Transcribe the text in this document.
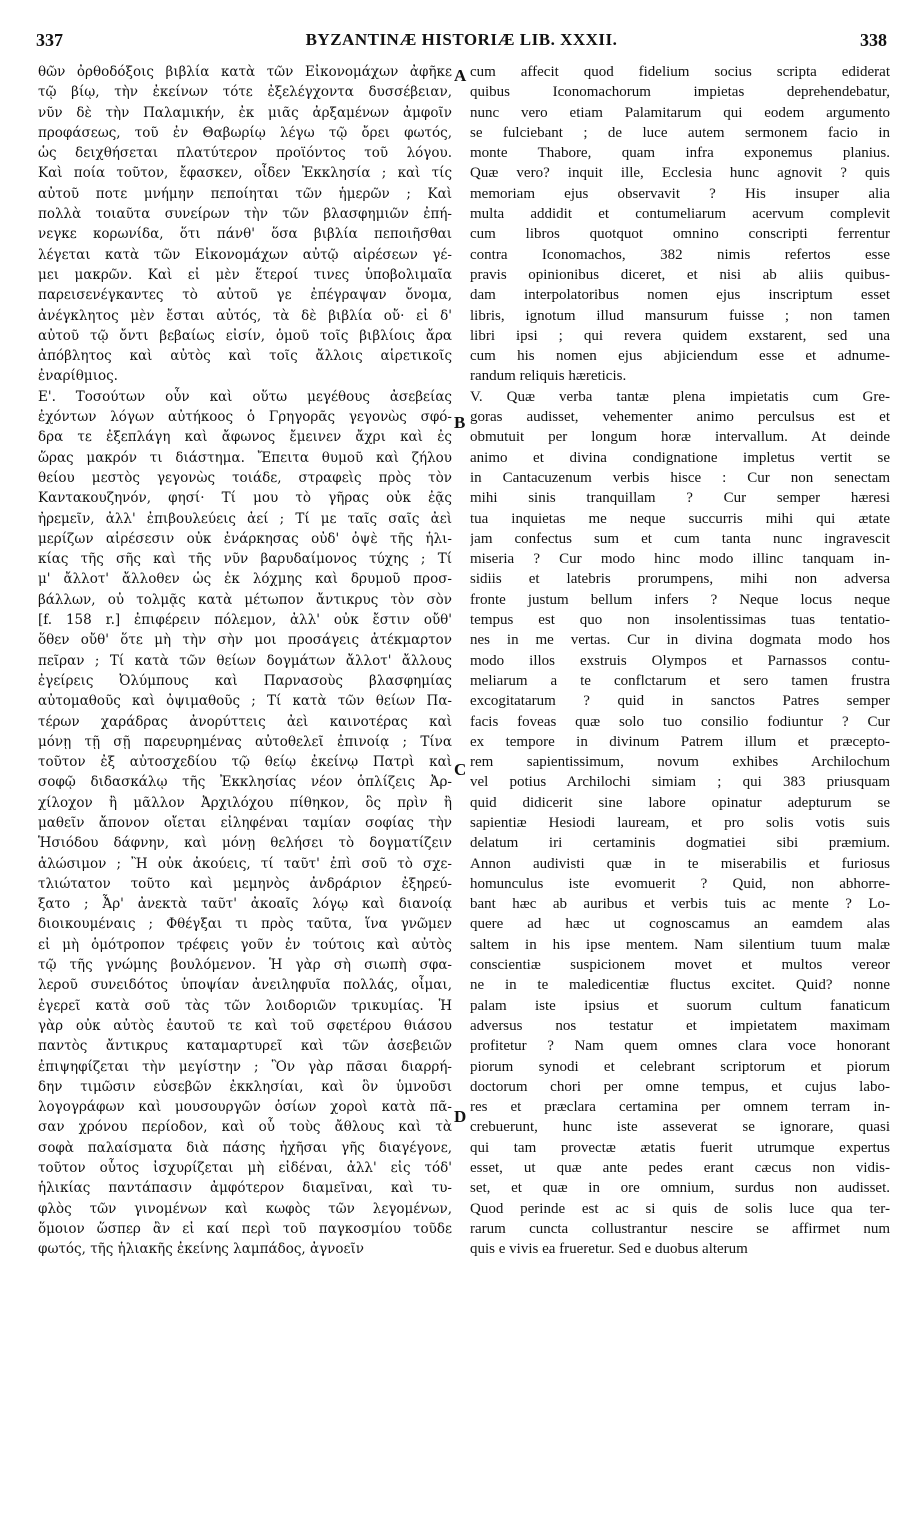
337	BYZANTINÆ HISTORIÆ LIB. XXXII.	338
A
B
C
D
θῶν ὀρθοδόξοις βιβλία κατὰ τῶν Εἰκονομάχων ἀφῆκε
τῷ βίῳ, τὴν ἐκείνων τότε ἐξελέγχοντα δυσσέβειαν,
νῦν δὲ τὴν Παλαμικήν, ἐκ μιᾶς ἀρξαμένων ἀμφοῖν
προφάσεως, τοῦ ἐν Θαβωρίῳ λέγω τῷ ὄρει φωτός,
ὡς δειχθήσεται πλατύτερον προϊόντος τοῦ λόγου.
Καὶ ποία τοῦτον, ἔφασκεν, οἶδεν Ἐκκλησία ; καὶ τίς
αὐτοῦ ποτε μνήμην πεποίηται τῶν ἡμερῶν ; Καὶ
πολλὰ τοιαῦτα συνείρων τὴν τῶν βλασφημιῶν ἐπή-
νεγκε κορωνίδα, ὅτι πάνθ' ὅσα βιβλία πεποιῆσθαι
λέγεται κατὰ τῶν Εἰκονομάχων αὐτῷ αἱρέσεων γέ-
μει μακρῶν. Καὶ εἰ μὲν ἕτεροί τινες ὑποβολιμαῖα
παρεισενέγκαντες τὸ αὐτοῦ γε ἐπέγραψαν ὄνομα,
ἀνέγκλητος μὲν ἔσται αὐτός, τὰ δὲ βιβλία οὔ· εἰ δ'
αὐτοῦ τῷ ὄντι βεβαίως εἰσίν, ὁμοῦ τοῖς βιβλίοις ἄρα
ἀπόβλητος καὶ αὐτὸς καὶ τοῖς ἄλλοις αἱρετικοῖς
ἐναρίθμιος.
Ε'. Τοσούτων οὖν καὶ οὕτω μεγέθους ἀσεβείας
ἐχόντων λόγων αὐτήκοος ὁ Γρηγορᾶς γεγονὼς σφό-
δρα τε ἐξεπλάγη καὶ ἄφωνος ἔμεινεν ἄχρι καὶ ἐς
ὥρας μακρόν τι διάστημα. Ἔπειτα θυμοῦ καὶ ζήλου
θείου μεστὸς γεγονὼς τοιάδε, στραφεὶς πρὸς τὸν
Καντακουζηνόν, φησί· Τί μου τὸ γῆρας οὐκ ἐᾷς
ἠρεμεῖν, ἀλλ' ἐπιβουλεύεις ἀεί ; Τί με ταῖς σαῖς ἀεὶ
μερίζων αἱρέσεσιν οὐκ ἐνάρκησας οὐδ' ὀψὲ τῆς ἡλι-
κίας τῆς σῆς καὶ τῆς νῦν βαρυδαίμονος τύχης ; Τί
μ' ἄλλοτ' ἄλλοθεν ὡς ἐκ λόχμης καὶ δρυμοῦ προσ-
βάλλων, οὐ τολμᾷς κατὰ μέτωπον ἄντικρυς τὸν σὸν
[f. 158 r.] ἐπιφέρειν πόλεμον, ἀλλ' οὐκ ἔστιν οὔθ'
ὅθεν οὔθ' ὅτε μὴ τὴν σὴν μοι προσάγεις ἀτέκμαρτον
πεῖραν ; Τί κατὰ τῶν θείων δογμάτων ἄλλοτ' ἄλλους
ἐγείρεις Ὀλύμπους καὶ Παρνασοὺς βλασφημίας
αὐτομαθοῦς καὶ ὀψιμαθοῦς ; Τί κατὰ τῶν θείων Πα-
τέρων χαράδρας ἀνορύττεις ἀεὶ καινοτέρας καὶ
μόνῃ τῇ σῇ παρευρημένας αὐτοθελεῖ ἐπινοίᾳ ; Τίνα
τοῦτον ἐξ αὐτοσχεδίου τῷ θείῳ ἐκείνῳ Πατρὶ καὶ
σοφῷ διδασκάλῳ τῆς Ἐκκλησίας νέον ὁπλίζεις Ἀρ-
χίλοχον ἢ μᾶλλον Ἀρχιλόχου πίθηκον, ὃς πρὶν ἢ
μαθεῖν ἄπονον οἴεται εἰληφέναι ταμίαν σοφίας τὴν
Ἡσιόδου δάφνην, καὶ μόνῃ θελήσει τὸ δογματίζειν
ἁλώσιμον ; Ἢ οὐκ ἀκούεις, τί ταῦτ' ἐπὶ σοῦ τὸ σχε-
τλιώτατον τοῦτο καὶ μεμηνὸς ἀνδράριον ἐξηρεύ-
ξατο ; Ἆρ' ἀνεκτὰ ταῦτ' ἀκοαῖς λόγῳ καὶ διανοίᾳ
διοικουμέναις ; Φθέγξαι τι πρὸς ταῦτα, ἵνα γνῶμεν
εἰ μὴ ὁμότροπον τρέφεις γοῦν ἐν τούτοις καὶ αὐτὸς
τῷ τῆς γνώμης βουλόμενον. Ἡ γὰρ σὴ σιωπὴ σφα-
λεροῦ συνειδότος ὑποψίαν ἀνειληφυῖα πολλάς, οἶμαι,
ἐγερεῖ κατὰ σοῦ τὰς τῶν λοιδοριῶν τρικυμίας. Ἡ
γὰρ οὐκ αὐτὸς ἑαυτοῦ τε καὶ τοῦ σφετέρου θιάσου
παντὸς ἄντικρυς καταμαρτυρεῖ καὶ τῶν ἀσεβειῶν
ἐπιψηφίζεται τὴν μεγίστην ; Ὃν γὰρ πᾶσαι διαρρή-
δην τιμῶσιν εὐσεβῶν ἐκκλησίαι, καὶ ὃν ὑμνοῦσι
λογογράφων καὶ μουσουργῶν ὁσίων χοροὶ κατὰ πᾶ-
σαν χρόνου περίοδον, καὶ οὗ τοὺς ἄθλους καὶ τὰ
σοφὰ παλαίσματα διὰ πάσης ἠχῆσαι γῆς διαγέγονε,
τοῦτον οὗτος ἰσχυρίζεται μὴ εἰδέναι, ἀλλ' εἰς τόδ'
ἡλικίας παντάπασιν ἀμφότερον διαμεῖναι, καὶ τυ-
φλὸς τῶν γινομένων καὶ κωφὸς τῶν λεγομένων,
ὅμοιον ὥσπερ ἂν εἰ καί περὶ τοῦ παγκοσμίου τοῦδε
φωτός, τῆς ἡλιακῆς ἐκείνης λαμπάδος, ἀγνοεῖν
cum affecit quod fidelium socius scripta ediderat
quibus Iconomachorum impietas deprehendebatur,
nunc vero etiam Palamitarum qui eodem argumento
se fulciebant ; de luce autem sermonem facio in
monte Thabore, quam infra exponemus planius.
Quæ vero? inquit ille, Ecclesia hunc agnovit ? quis
memoriam ejus observavit ? His insuper alia
multa addidit et contumeliarum acervum complevit
cum libros quotquot omnino conscripti ferrentur
contra Iconomachos, 382 nimis refertos esse
pravis opinionibus diceret, et nisi ab aliis quibus-
dam interpolatoribus nomen ejus inscriptum esset
libris, ignotum illud mansurum fuisse ; non tamen
libri ipsi ; qui revera quidem exstarent, sed una
cum his nomen ejus abjiciendum esse et adnume-
randum reliquis hæreticis.
V. Quæ verba tantæ plena impietatis cum Gre-
goras audisset, vehementer animo perculsus est et
obmutuit per longum horæ intervallum. At deinde
animo et divina condignatione impletus vertit se
in Cantacuzenum verbis hisce : Cur non senectam
mihi sinis tranquillam ? Cur semper hæresi
tua inquietas me neque succurris mihi qui ætate
jam confectus sum et cum tanta nunc ingravescit
miseria ? Cur modo hinc modo illinc tanquam in-
sidiis et latebris prorumpens, mihi non adversa
fronte justum bellum infers ? Neque locus neque
tempus est quo non insolentissimas tuas tentatio-
nes in me vertas. Cur in divina dogmata modo hos
modo illos exstruis Olympos et Parnassos contu-
meliarum a te conflctarum et sero tamen frustra
excogitatarum ? quid in sanctos Patres semper
facis foveas quæ solo tuo consilio fodiuntur ? Cur
ex tempore in divinum Patrem illum et præcepto-
rem sapientissimum, novum exhibes Archilochum
vel potius Archilochi simiam ; qui 383 priusquam
quid didicerit sine labore opinatur adepturum se
sapientiæ Hesiodi lauream, et pro solis votis suis
delatum iri certaminis dogmatiei sibi præmium.
Annon audivisti quæ in te miserabilis et furiosus
homunculus iste evomuerit ? Quid, non abhorre-
bant hæc ab auribus et verbis tuis ac mente ? Lo-
quere ad hæc ut cognoscamus an eamdem alas
saltem in his ipse mentem. Nam silentium tuum malæ
conscientiæ suspicionem movet et multos vereor
ne in te maledicentiæ fluctus excitet. Quid? nonne
palam iste ipsius et suorum cultum fanaticum
adversus nos testatur et impietatem maximam
profitetur ? Nam quem omnes clara voce honorant
piorum synodi et celebrant scriptorum et piorum
doctorum chori per omne tempus, et cujus labo-
res et præclara certamina per omnem terram in-
crebuerunt, hunc iste asseverat se ignorare, quasi
qui tam provectæ ætatis fuerit utrumque expertus
esset, ut quæ ante pedes erant cæcus non vidis-
set, et quæ in ore omnium, surdus non audisset.
Quod perinde est ac si quis de solis luce qua ter-
rarum cuncta collustrantur nescire se affirmet num
quis e vivis ea frueretur. Sed e duobus alterum
